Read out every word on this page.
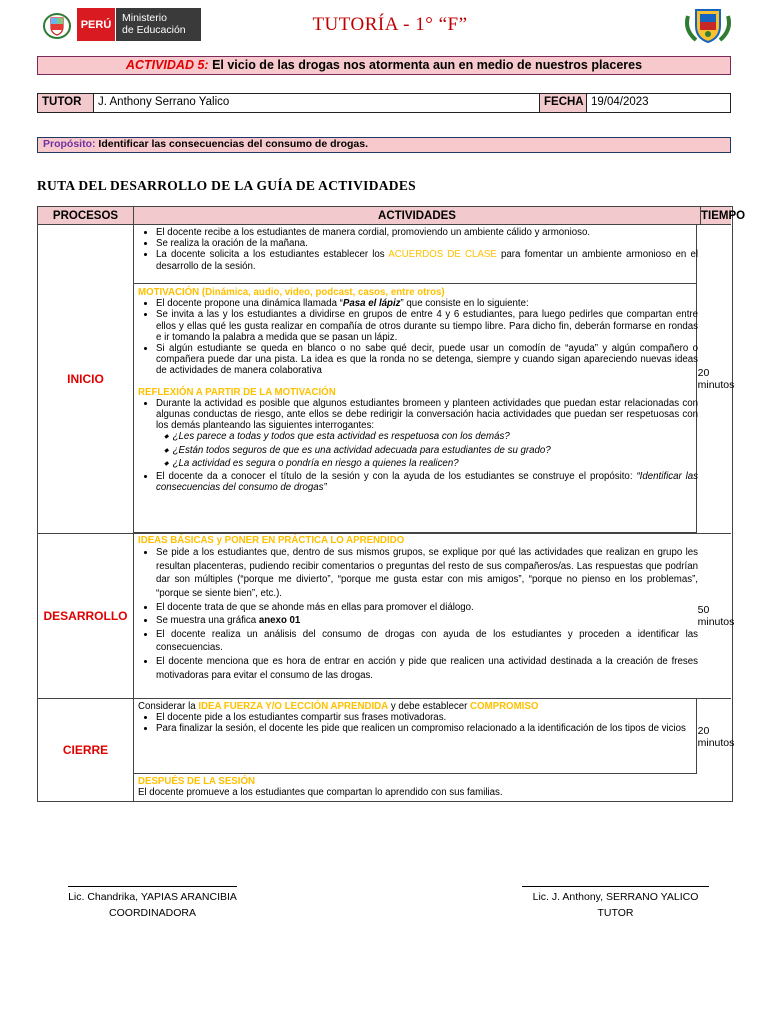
PERÚ
Ministerio
de Educación	TUTORÍA - 1° “F”
ACTIVIDAD 5: El vicio de las drogas nos atormenta aun en medio de nuestros placeres
TUTOR	J. Anthony Serrano Yalico	FECHA 19/04/2023
Propósito: Identificar las consecuencias del consumo de drogas.
RUTA DEL DESARROLLO DE LA GUÍA DE ACTIVIDADES
PROCESOS	ACTIVIDADES	TIEMPO
INICIO	20 minutos
• El docente recibe a los estudiantes de manera cordial, promoviendo un ambiente cálido y armonioso.
• Se realiza la oración de la mañana.
• La docente solicita a los estudiantes establecer los ACUERDOS DE CLASE para fomentar un ambiente armonioso en el desarrollo de la sesión.
MOTIVACIÓN (Dinámica, audio, video, podcast, casos, entre otros)
• El docente propone una dinámica llamada “Pasa el lápiz” que consiste en lo siguiente:
• Se invita a las y los estudiantes a dividirse en grupos de entre 4 y 6 estudiantes, para luego pedirles que compartan entre ellos y ellas qué les gusta realizar en compañía de otros durante su tiempo libre. Para dicho fin, deberán formarse en rondas e ir tomando la palabra a medida que se pasan un lápiz.
• Si algún estudiante se queda en blanco o no sabe qué decir, puede usar un comodín de “ayuda” y algún compañero o compañera puede dar una pista. La idea es que la ronda no se detenga, siempre y cuando sigan apareciendo nuevas ideas de actividades de manera colaborativa
REFLEXIÓN A PARTIR DE LA MOTIVACIÓN
• Durante la actividad es posible que algunos estudiantes bromeen y planteen actividades que puedan estar relacionadas con algunas conductas de riesgo, ante ellos se debe redirigir la conversación hacia actividades que puedan ser respetuosas con los demás planteando las siguientes interrogantes:
◆ ¿Les parece a todas y todos que esta actividad es respetuosa con los demás?
◆ ¿Están todos seguros de que es una actividad adecuada para estudiantes de su grado?
◆ ¿La actividad es segura o pondría en riesgo a quienes la realicen?
• El docente da a conocer el título de la sesión y con la ayuda de los estudiantes se construye el propósito: “Identificar las consecuencias del consumo de drogas”
DESARROLLO	50 minutos
IDEAS BÁSICAS y PONER EN PRÁCTICA LO APRENDIDO
• Se pide a los estudiantes que, dentro de sus mismos grupos, se explique por qué las actividades que realizan en grupo les resultan placenteras, pudiendo recibir comentarios o preguntas del resto de sus compañeros/as. Las respuestas que podrían dar son múltiples (“porque me divierto”, “porque me gusta estar con mis amigos”, “porque no pienso en los problemas”, “porque se siente bien”, etc.).
• El docente trata de que se ahonde más en ellas para promover el diálogo.
• Se muestra una gráfica anexo 01
• El docente realiza un análisis del consumo de drogas con ayuda de los estudiantes y proceden a identificar las consecuencias.
• El docente menciona que es hora de entrar en acción y pide que realicen una actividad destinada a la creación de freses motivadoras para evitar el consumo de las drogas.
CIERRE
20 minutos
Considerar la IDEA FUERZA Y/O LECCIÓN APRENDIDA y debe establecer COMPROMISO
• El docente pide a los estudiantes compartir sus frases motivadoras.
• Para finalizar la sesión, el docente les pide que realicen un compromiso relacionado a la identificación de los tipos de vicios
DESPUÉS DE LA SESIÓN
El docente promueve a los estudiantes que compartan lo aprendido con sus familias.
Lic. Chandrika, YAPIAS ARANCIBIA
COORDINADORA
Lic. J. Anthony, SERRANO YALICO
TUTOR
